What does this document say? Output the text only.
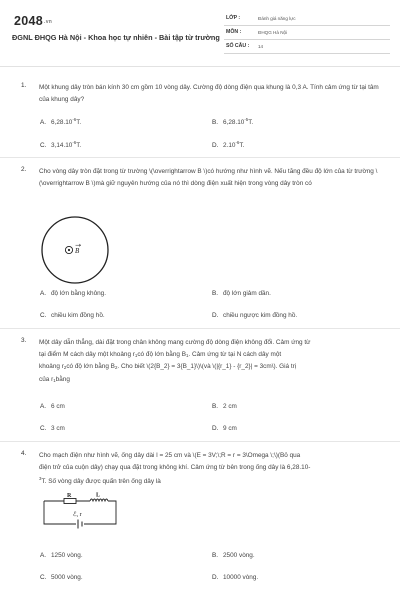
2048.vn
ĐGNL ĐHQG Hà Nội - Khoa học tự nhiên - Bài tập từ trường
LỚP :	Đánh giá năng lực
MÔN :	ĐHQG Hà Nội
SỐ CÂU : 14
1. Một khung dây tròn bán kính 30 cm gồm 10 vòng dây. Cường độ dòng điện qua khung là 0,3 A. Tính cảm ứng từ tại tâm của khung dây?
A. $6,28.10^{-6}T$.	B. $6,28.10^{-5}T$.
C. $3,14.10^{-6}T$.	D. $2.10^{-6}T$.
2. Cho vòng dây tròn đặt trong từ trường \(\overrightarrow B \)có hướng như hình vẽ. Nếu tăng đều độ lớn của từ trường \(\overrightarrow B \)mà giữ nguyên hướng của nó thì dòng điện xuất hiện trong vòng dây tròn có
B
A. độ lớn bằng không.	B. độ lớn giảm dần.
C. chiều kim đồng hồ.	D. chiều ngược kim đồng hồ.
3. Một dây dẫn thẳng, dài đặt trong chân không mang cường độ dòng điện không đổi. Cảm ứng từ
tại điểm M cách dây một khoảng $r_1có$ độ lớn bằng $B_1$. Cảm ứng từ tại N cách dây một
khoảng $r_2có$ độ lớn bằng $B_2$. Cho biết \(2{B_2} = 3{B_1}\)\(và \(|{r_1} - {r_2}| = 3cm\). Giá trị
của $r_1bằng$
A. 6 cm	B. 2 cm
C. 3 cm	D. 9 cm
4. Cho mạch điện như hình vẽ, ống dây dài l = 25 cm và \(E = 3V;\;R = r = 3\Omega \;\)(Bỏ qua
điện trở của cuộn dây) chạy qua đặt trong không khí. Cảm ứng từ bên trong ống dây là 6,28.10-
$^3$T. Số vòng dây được quấn trên ống dây là
R	L
ℰ, r
A. 1250 vòng.	B. 2500 vòng.
C. 5000 vòng.	D. 10000 vòng.
